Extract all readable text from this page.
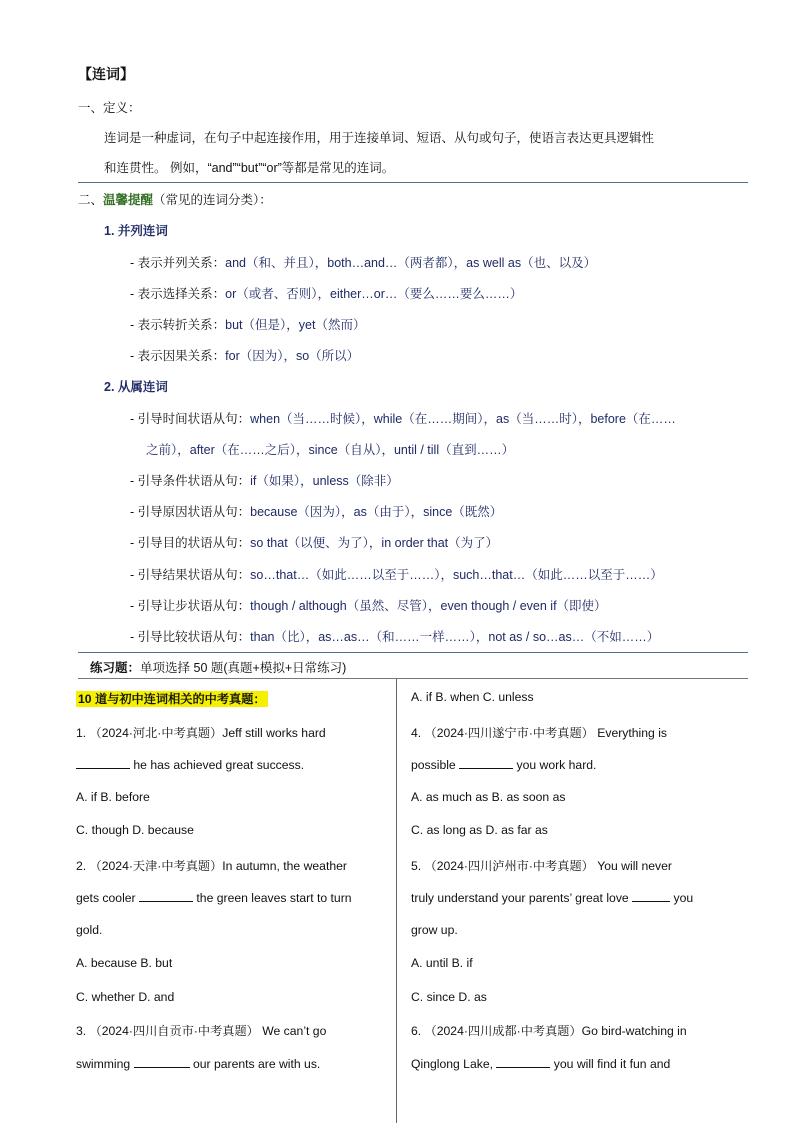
【连词】
一、定义：
连词是一种虚词，在句子中起连接作用，用于连接单词、短语、从句或句子，使语言表达更具逻辑性
和连贯性。 例如，“and”“but”“or”等都是常见的连词。
二、温馨提醒（常见的连词分类）：
1. 并列连词
- 表示并列关系：and（和、并且），both…and…（两者都），as well as（也、以及）
- 表示选择关系：or（或者、否则），either…or…（要么……要么……）
- 表示转折关系：but（但是），yet（然而）
- 表示因果关系：for（因为），so（所以）
2. 从属连词
- 引导时间状语从句：when（当……时候），while（在……期间），as（当……时），before（在……
之前），after（在……之后），since（自从），until / till（直到……）
- 引导条件状语从句：if（如果），unless（除非）
- 引导原因状语从句：because（因为），as（由于），since（既然）
- 引导目的状语从句：so that（以便、为了），in order that（为了）
- 引导结果状语从句：so…that…（如此……以至于……），such…that…（如此……以至于……）
- 引导让步状语从句：though / although（虽然、尽管），even though / even if（即使）
- 引导比较状语从句：than（比），as…as…（和……一样……），not as / so…as…（不如……）
练习题：单项选择 50 题(真题+模拟+日常练习)
10 道与初中连词相关的中考真题：
1. （2024·河北·中考真题）Jeff still works hard
he has achieved great success.
A. if B. before
C. though D. because
2. （2024·天津·中考真题）In autumn, the weather
gets cooler	the green leaves start to turn
gold.
A. because B. but
C. whether D. and
3. （2024·四川自贡市·中考真题） We can’t go
swimming	our parents are with us.
A. if B. when C. unless
4. （2024·四川遂宁市·中考真题） Everything is
possible	you work hard.
A. as much as B. as soon as
C. as long as D. as far as
5. （2024·四川泸州市·中考真题） You will never
truly understand your parents’ great love	you
grow up.
A. until B. if
C. since D. as
6. （2024·四川成都·中考真题）Go bird-watching in
Qinglong Lake,	you will find it fun and
